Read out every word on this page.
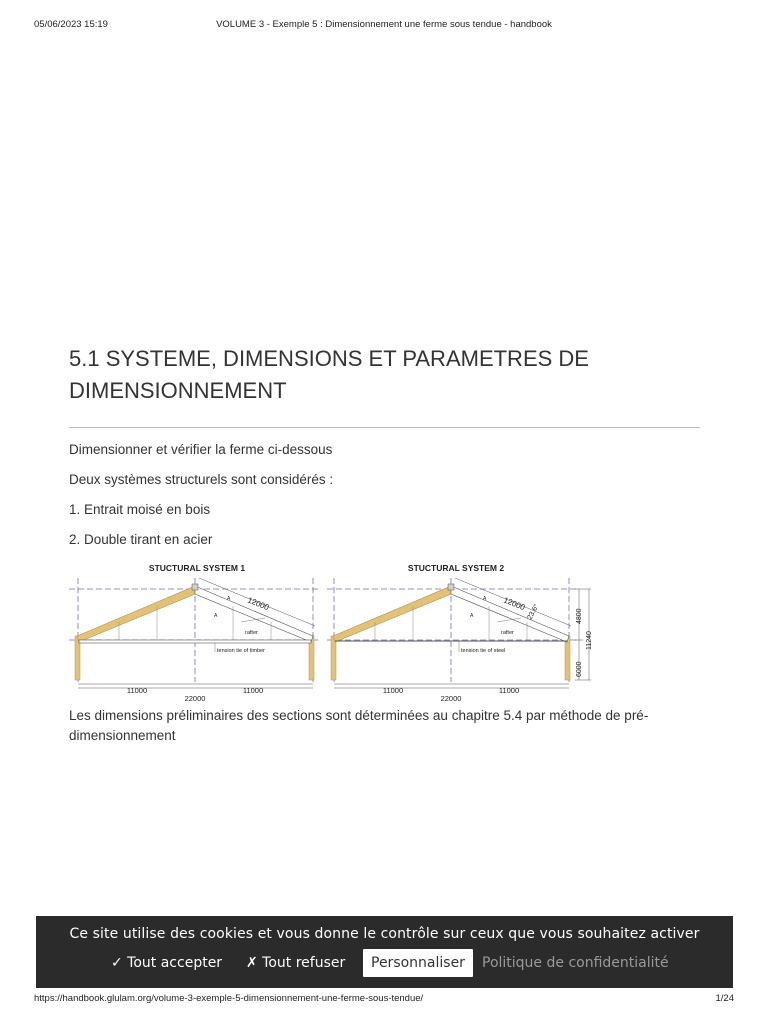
05/06/2023 15:19	VOLUME 3 - Exemple 5 : Dimensionnement une ferme sous tendue - handbook
5.1 SYSTEME, DIMENSIONS ET PARAMETRES DE DIMENSIONNEMENT

Dimensionner et vérifier la ferme ci-dessous

Deux systèmes structurels sont considérés :

1. Entrait moisé en bois

2. Double tirant en acier

STUCTURAL SYSTEM 1
12000
A
A
rafter
tension tie of timber
11000	11000
22000
STUCTURAL SYSTEM 2
12000 23.6°
A
A
rafter
tension tie of steel
4800
11240
6000
11000	11000
22000

Les dimensions préliminaires des sections sont déterminées au chapitre 5.4 par méthode de pré-dimensionnement

Ce site utilise des cookies et vous donne le contrôle sur ceux que vous souhaitez activer
✓ Tout accepter ✗ Tout refuser	Personnaliser	Politique de confidentialité
https://handbook.glulam.org/volume-3-exemple-5-dimensionnement-une-ferme-sous-tendue/	1/24
